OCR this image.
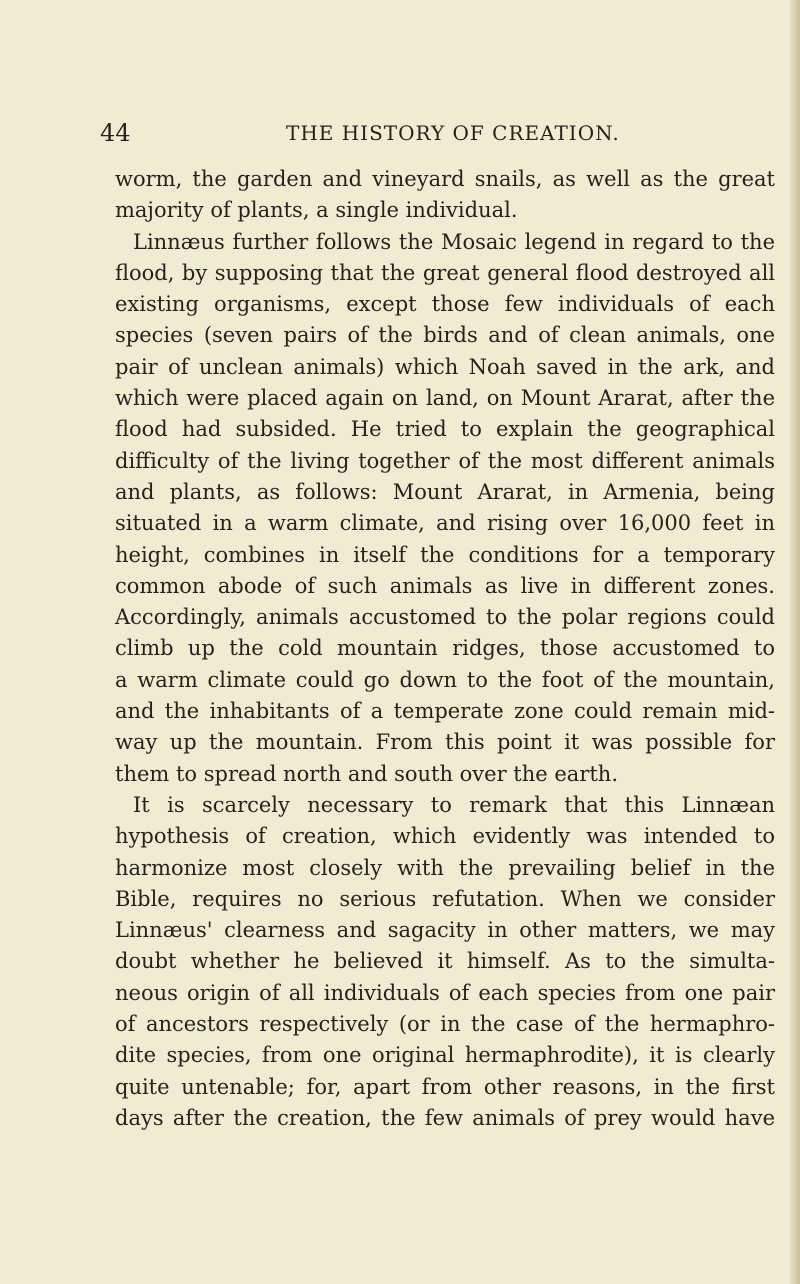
44	THE HISTORY OF CREATION.
worm, the garden and vineyard snails, as well as the great
majority of plants, a single individual.
Linnæus further follows the Mosaic legend in regard to the
flood, by supposing that the great general flood destroyed all
existing organisms, except those few individuals of each
species (seven pairs of the birds and of clean animals, one
pair of unclean animals) which Noah saved in the ark, and
which were placed again on land, on Mount Ararat, after the
flood had subsided. He tried to explain the geographical
difficulty of the living together of the most different animals
and plants, as follows: Mount Ararat, in Armenia, being
situated in a warm climate, and rising over 16,000 feet in
height, combines in itself the conditions for a temporary
common abode of such animals as live in different zones.
Accordingly, animals accustomed to the polar regions could
climb up the cold mountain ridges, those accustomed to
a warm climate could go down to the foot of the mountain,
and the inhabitants of a temperate zone could remain mid-
way up the mountain. From this point it was possible for
them to spread north and south over the earth.
It is scarcely necessary to remark that this Linnæan
hypothesis of creation, which evidently was intended to
harmonize most closely with the prevailing belief in the
Bible, requires no serious refutation. When we consider
Linnæus' clearness and sagacity in other matters, we may
doubt whether he believed it himself. As to the simulta-
neous origin of all individuals of each species from one pair
of ancestors respectively (or in the case of the hermaphro-
dite species, from one original hermaphrodite), it is clearly
quite untenable; for, apart from other reasons, in the first
days after the creation, the few animals of prey would have
